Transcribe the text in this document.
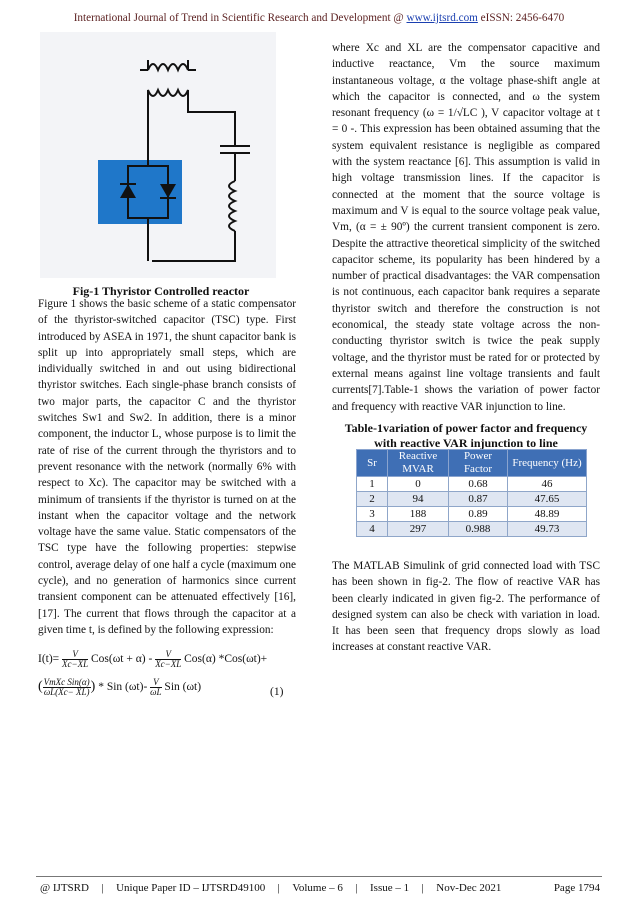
International Journal of Trend in Scientific Research and Development @ www.ijtsrd.com eISSN: 2456-6470
Fig-1 Thyristor Controlled reactor

Figure 1 shows the basic scheme of a static compensator of the thyristor-switched capacitor (TSC) type. First introduced by ASEA in 1971, the shunt capacitor bank is split up into appropriately small steps, which are individually switched in and out using bidirectional thyristor switches. Each single-phase branch consists of two major parts, the capacitor C and the thyristor switches Sw1 and Sw2. In addition, there is a minor component, the inductor L, whose purpose is to limit the rate of rise of the current through the thyristors and to prevent resonance with the network (normally 6% with respect to Xc). The capacitor may be switched with a minimum of transients if the thyristor is turned on at the instant when the capacitor voltage and the network voltage have the same value. Static compensators of the TSC type have the following properties: stepwise control, average delay of one half a cycle (maximum one cycle), and no generation of harmonics since current transient component can be attenuated effectively [16], [17]. The current that flows through the capacitor at a given time t, is defined by the following expression:

$I(t)= \frac{V}{Xc-XL} Cos(\omega t + \alpha) - \frac{V}{Xc-XL} Cos(\alpha)$ *Cos(ωt)+
( $\frac{\text{VmXc Sin(α)}}{\omega L(Xc- XL)}$ ) * Sin $(\omega t)- \frac{V}{\omega L}$ Sin (ωt)	(1)

where Xc and XL are the compensator capacitive and inductive reactance, Vm the source maximum instantaneous voltage, α the voltage phase-shift angle at which the capacitor is connected, and ω the system resonant frequency (ω = 1/√LC ), V capacitor voltage at t = 0 -. This expression has been obtained assuming that the system equivalent resistance is negligible as compared with the system reactance [6]. This assumption is valid in high voltage transmission lines. If the capacitor is connected at the moment that the source voltage is maximum and V is equal to the source voltage peak value, Vm, (α = ± 90º) the current transient component is zero. Despite the attractive theoretical simplicity of the switched capacitor scheme, its popularity has been hindered by a number of practical disadvantages: the VAR compensation is not continuous, each capacitor bank requires a separate thyristor switch and therefore the construction is not economical, the steady state voltage across the non-conducting thyristor switch is twice the peak supply voltage, and the thyristor must be rated for or protected by external means against line voltage transients and fault currents[7].Table-1 shows the variation of power factor and frequency with reactive VAR injunction to line.

Table-1variation of power factor and frequency with reactive VAR injunction to line
Sr	Reactive MVAR	Power Factor	Frequency (Hz)
1	0	0.68	46
2	94	0.87	47.65
3	188	0.89	48.89
4	297	0.988	49.73

The MATLAB Simulink of grid connected load with TSC has been shown in fig-2. The flow of reactive VAR has been clearly indicated in given fig-2. The performance of designed system can also be check with variation in load. It has been seen that frequency drops slowly as load increases at constant reactive VAR.

@ IJTSRD | Unique Paper ID – IJTSRD49100 | Volume – 6 | Issue – 1 | Nov-Dec 2021	Page 1794
